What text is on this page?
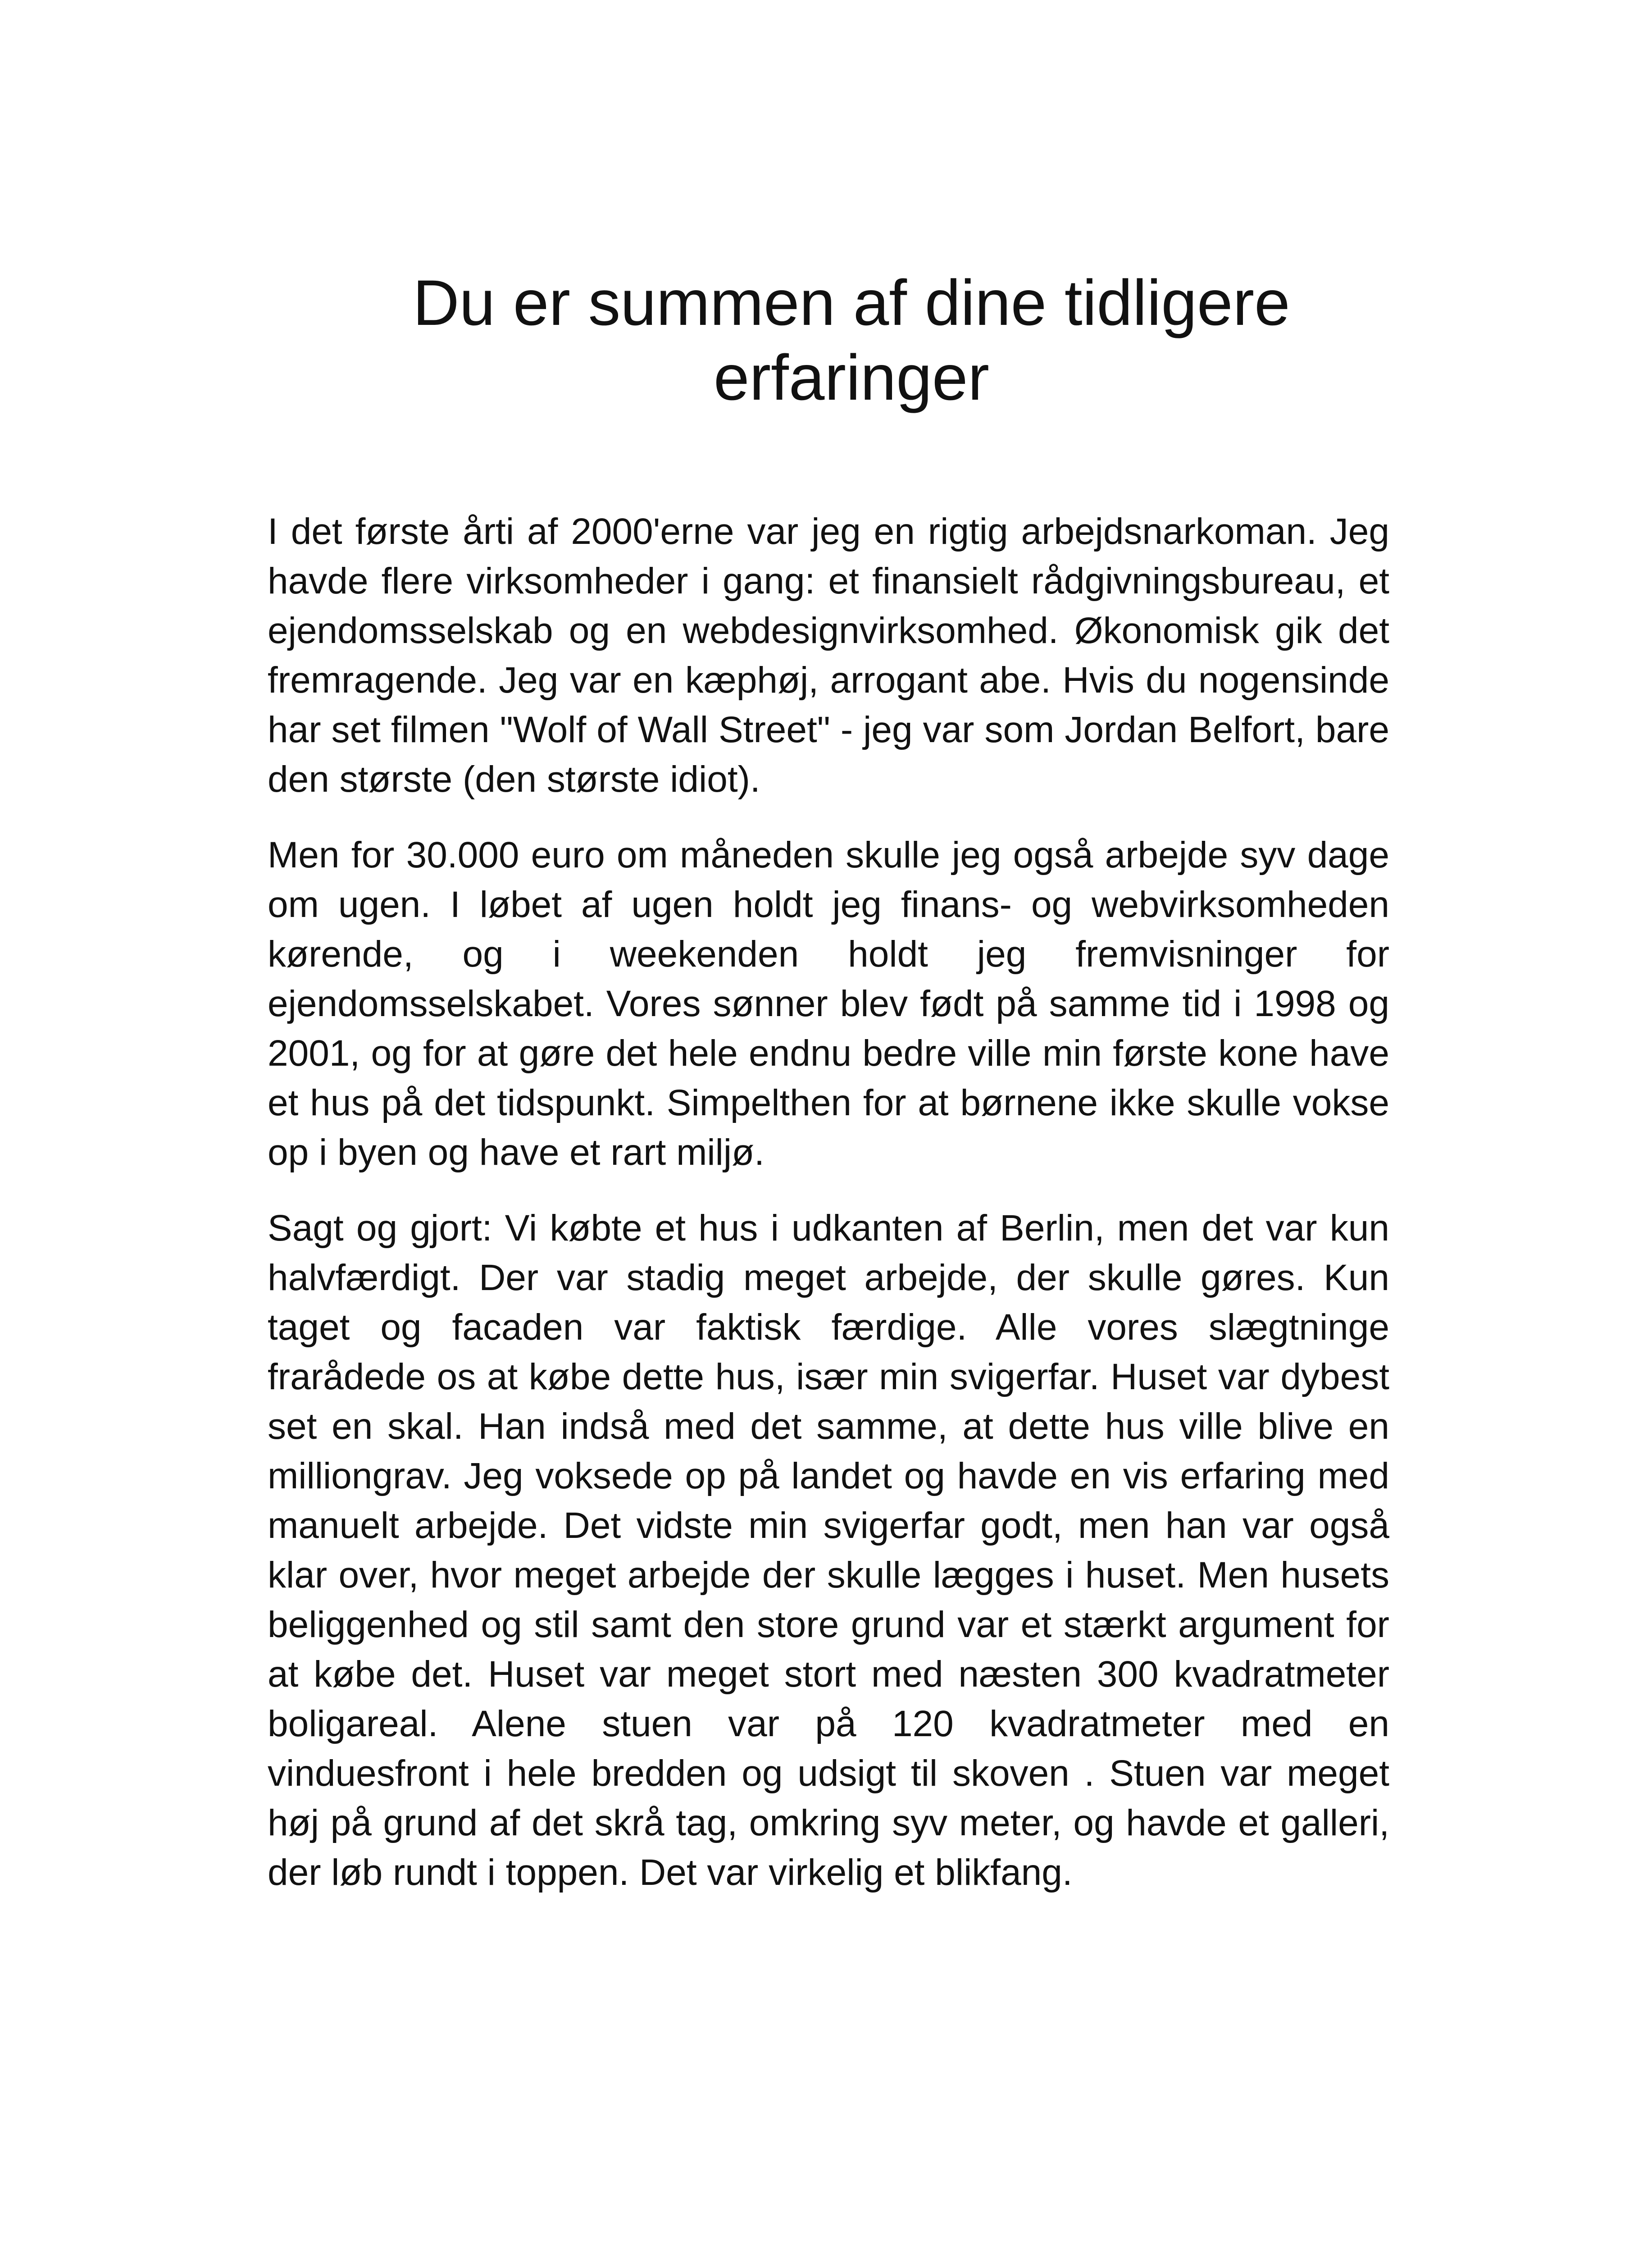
Du er summen af dine tidligere erfaringer

I det første årti af 2000'erne var jeg en rigtig arbejdsnarkoman. Jeg havde flere virksomheder i gang: et finansielt rådgivningsbureau, et ejendomsselskab og en webdesignvirksomhed. Økonomisk gik det fremragende. Jeg var en kæphøj, arrogant abe. Hvis du nogensinde har set filmen "Wolf of Wall Street" - jeg var som Jordan Belfort, bare den største (den største idiot).

Men for 30.000 euro om måneden skulle jeg også arbejde syv dage om ugen. I løbet af ugen holdt jeg finans- og webvirksomheden kørende, og i weekenden holdt jeg fremvisninger for ejendomsselskabet. Vores sønner blev født på samme tid i 1998 og 2001, og for at gøre det hele endnu bedre ville min første kone have et hus på det tidspunkt. Simpelthen for at børnene ikke skulle vokse op i byen og have et rart miljø.

Sagt og gjort: Vi købte et hus i udkanten af Berlin, men det var kun halvfærdigt. Der var stadig meget arbejde, der skulle gøres. Kun taget og facaden var faktisk færdige. Alle vores slægtninge frarådede os at købe dette hus, især min svigerfar. Huset var dybest set en skal. Han indså med det samme, at dette hus ville blive en milliongrav. Jeg voksede op på landet og havde en vis erfaring med manuelt arbejde. Det vidste min svigerfar godt, men han var også klar over, hvor meget arbejde der skulle lægges i huset. Men husets beliggenhed og stil samt den store grund var et stærkt argument for at købe det. Huset var meget stort med næsten 300 kvadratmeter boligareal. Alene stuen var på 120 kvadratmeter med en vinduesfront i hele bredden og udsigt til skoven . Stuen var meget høj på grund af det skrå tag, omkring syv meter, og havde et galleri, der løb rundt i toppen. Det var virkelig et blikfang.
